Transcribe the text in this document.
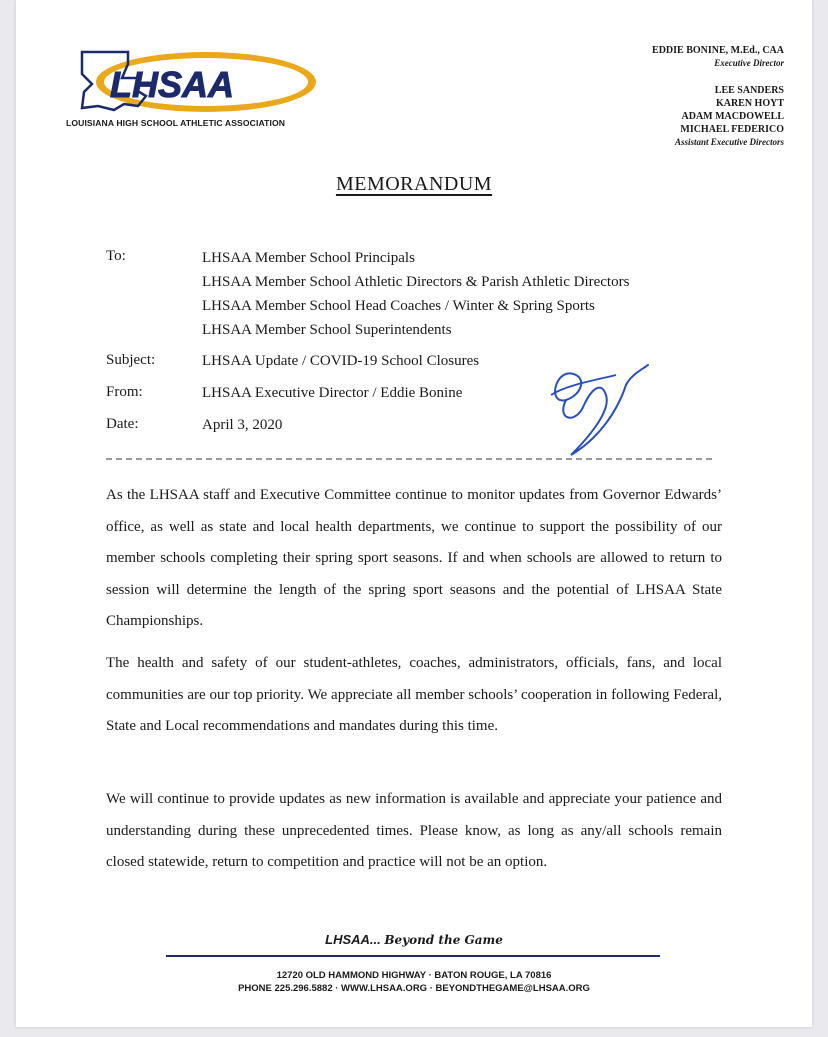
LHSAA
LOUISIANA HIGH SCHOOL ATHLETIC ASSOCIATION
EDDIE BONINE, M.Ed., CAA
Executive Director
LEE SANDERS
KAREN HOYT
ADAM MACDOWELL
MICHAEL FEDERICO
Assistant Executive Directors
MEMORANDUM
To:	LHSAA Member School Principals
LHSAA Member School Athletic Directors & Parish Athletic Directors
LHSAA Member School Head Coaches / Winter & Spring Sports
LHSAA Member School Superintendents
Subject:	LHSAA Update / COVID-19 School Closures
From:	LHSAA Executive Director / Eddie Bonine
Date:	April 3, 2020
As the LHSAA staff and Executive Committee continue to monitor updates from Governor Edwards’ office, as well as state and local health departments, we continue to support the possibility of our member schools completing their spring sport seasons. If and when schools are allowed to return to session will determine the length of the spring sport seasons and the potential of LHSAA State Championships.
The health and safety of our student-athletes, coaches, administrators, officials, fans, and local communities are our top priority. We appreciate all member schools’ cooperation in following Federal, State and Local recommendations and mandates during this time.
We will continue to provide updates as new information is available and appreciate your patience and understanding during these unprecedented times. Please know, as long as any/all schools remain closed statewide, return to competition and practice will not be an option.
LHSAA... Beyond the Game
12720 OLD HAMMOND HIGHWAY · BATON ROUGE, LA 70816
PHONE 225.296.5882 · WWW.LHSAA.ORG · BEYONDTHEGAME@LHSAA.ORG
